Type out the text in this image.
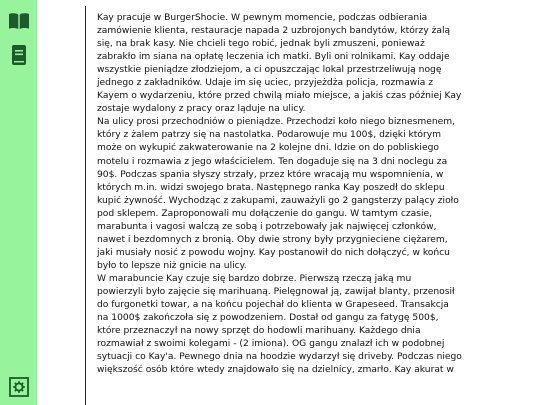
Kay pracuje w BurgerShocie. W pewnym momencie, podczas odbierania
zamówienie klienta, restauracje napada 2 uzbrojonych bandytów, którzy żalą
się, na brak kasy. Nie chcieli tego robić, jednak byli zmuszeni, ponieważ
zabrakło im siana na opłatę leczenia ich matki. Byli oni rolnikami. Kay oddaje
wszystkie pieniądze złodziejom, a ci opuszczając lokal przestrzeliwują nogę
jednego z zakładników. Udaje im się uciec, przyjeżdża policja, rozmawia z
Kayem o wydarzeniu, które przed chwilą miało miejsce, a jakiś czas później Kay
zostaje wydalony z pracy oraz ląduje na ulicy.
Na ulicy prosi przechodniów o pieniądze. Przechodzi koło niego biznesmenem,
który z żalem patrzy się na nastolatka. Podarowuje mu 100$, dzięki którym
może on wykupić zakwaterowanie na 2 kolejne dni. Idzie on do poblisk​iego
motelu i rozmawia z jego właścicielem. Ten dogaduje się na 3 dni noclegu za
90$. Podczas spania słyszy strzały, przez które wracają mu wspomnienia, w
których m.in. widzi swojego brata. Następnego ranka Kay poszedł do sklepu
kupić żywność. Wychodząc z zakupami, zauważyli go 2 gangsterzy palący zioło
pod sklepem. Zaproponowali mu dołączenie do gangu. W tamtym czasie,
marabunta i vagosi walczą ze sobą i potrzebowały jak najwięcej członków,
nawet i bezdomnych z bronią. Oby dwie strony były przygnieciene ciężarem,
jaki musiały nosić z powodu wojny. Kay postanowił do nich dołączyć, w końcu
było to lepsze niż gnicie na ulicy.
W marabuncie Kay czuje się bardzo dobrze. Pierwszą rzeczą jaką mu
powierzyli było zajęcie się marihuaną. Pielęgnował ją, zawijał blanty, przenosił
do furgonetki towar, a na końcu pojechał do klienta w Grapeseed. Transakcja
na 1000$ zakończoła się z powodzeniem. Dostał od gangu za fatygę 500$,
które przeznaczył na nowy sprzęt do hodowli marihuany. Każdego dnia
rozmawiał z swoimi kolegami - (2 imiona). OG gangu znalazł ich w podobnej
sytuacji co Kay'a. Pewnego dnia na hoodzie wydarzył się driveby. Podczas niego
większość osób które wtedy znajdowało się na dzielnicy, zmarło. Kay akurat w
